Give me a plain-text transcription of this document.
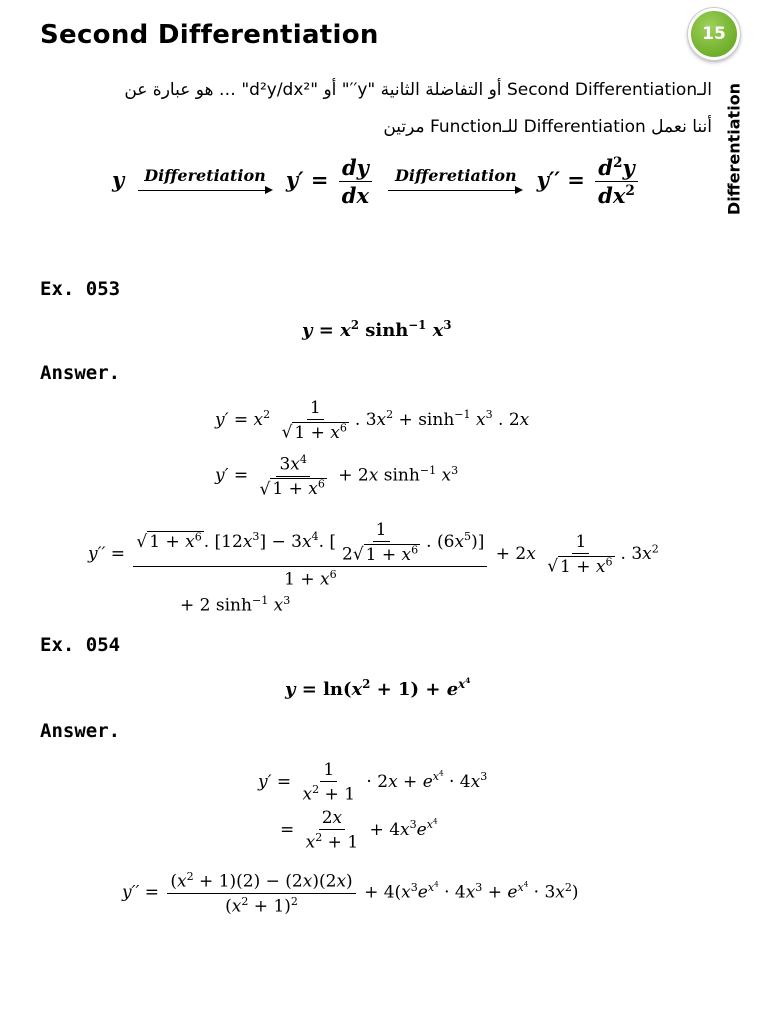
Second Differentiation	15
Differentiation
الـSecond Differentiation أو التفاضلة الثانية "y′′" أو "d²y/dx²" … هو عبارة عن
أننا نعمل Differentiation للـFunction مرتين
y Differetiation $y' = \frac{dy}{dx}$
Differetiation $y'' = \frac{d^2y}{dx^2}$
Ex. 053
$y = x^2$ $\sinh^{-1} x^3$
Answer.
$y' = x^2 \frac{1}{√ 1 + x^6}$ . $3x^2 + \sinh^{-1} x^3$ . 2x
$y' = \frac{3x^4}{√ 1 + x^6} + 2x$ $\sinh^{-1} x^3$
$y'' = \frac{√ 1 + x^6 . [12x^3] - 3x^4. [ \frac{1}{2√ 1 + x^6} . (6x^5)]}{1 + x^6} + 2x \frac{1}{√ 1 + x^6}$ . $3x^2$
+ 2 $\sinh^{-1} x^3$
Ex. 054
$y = \ln(x^2 + 1) + e^{x^4}$
Answer.
$y' = \frac{1}{x^2 + 1} \cdot 2x + e^{x^4} \cdot 4x^3$
= $\frac{2x}{x^2 + 1} + 4x^3e^{x^4}$
$y'' = \frac{(x^2 + 1)(2) - (2x)(2x)}{(x^2 + 1)^2} + 4(x^3e^{x^4} \cdot 4x^3 + e^{x^4} \cdot 3x^2)$
